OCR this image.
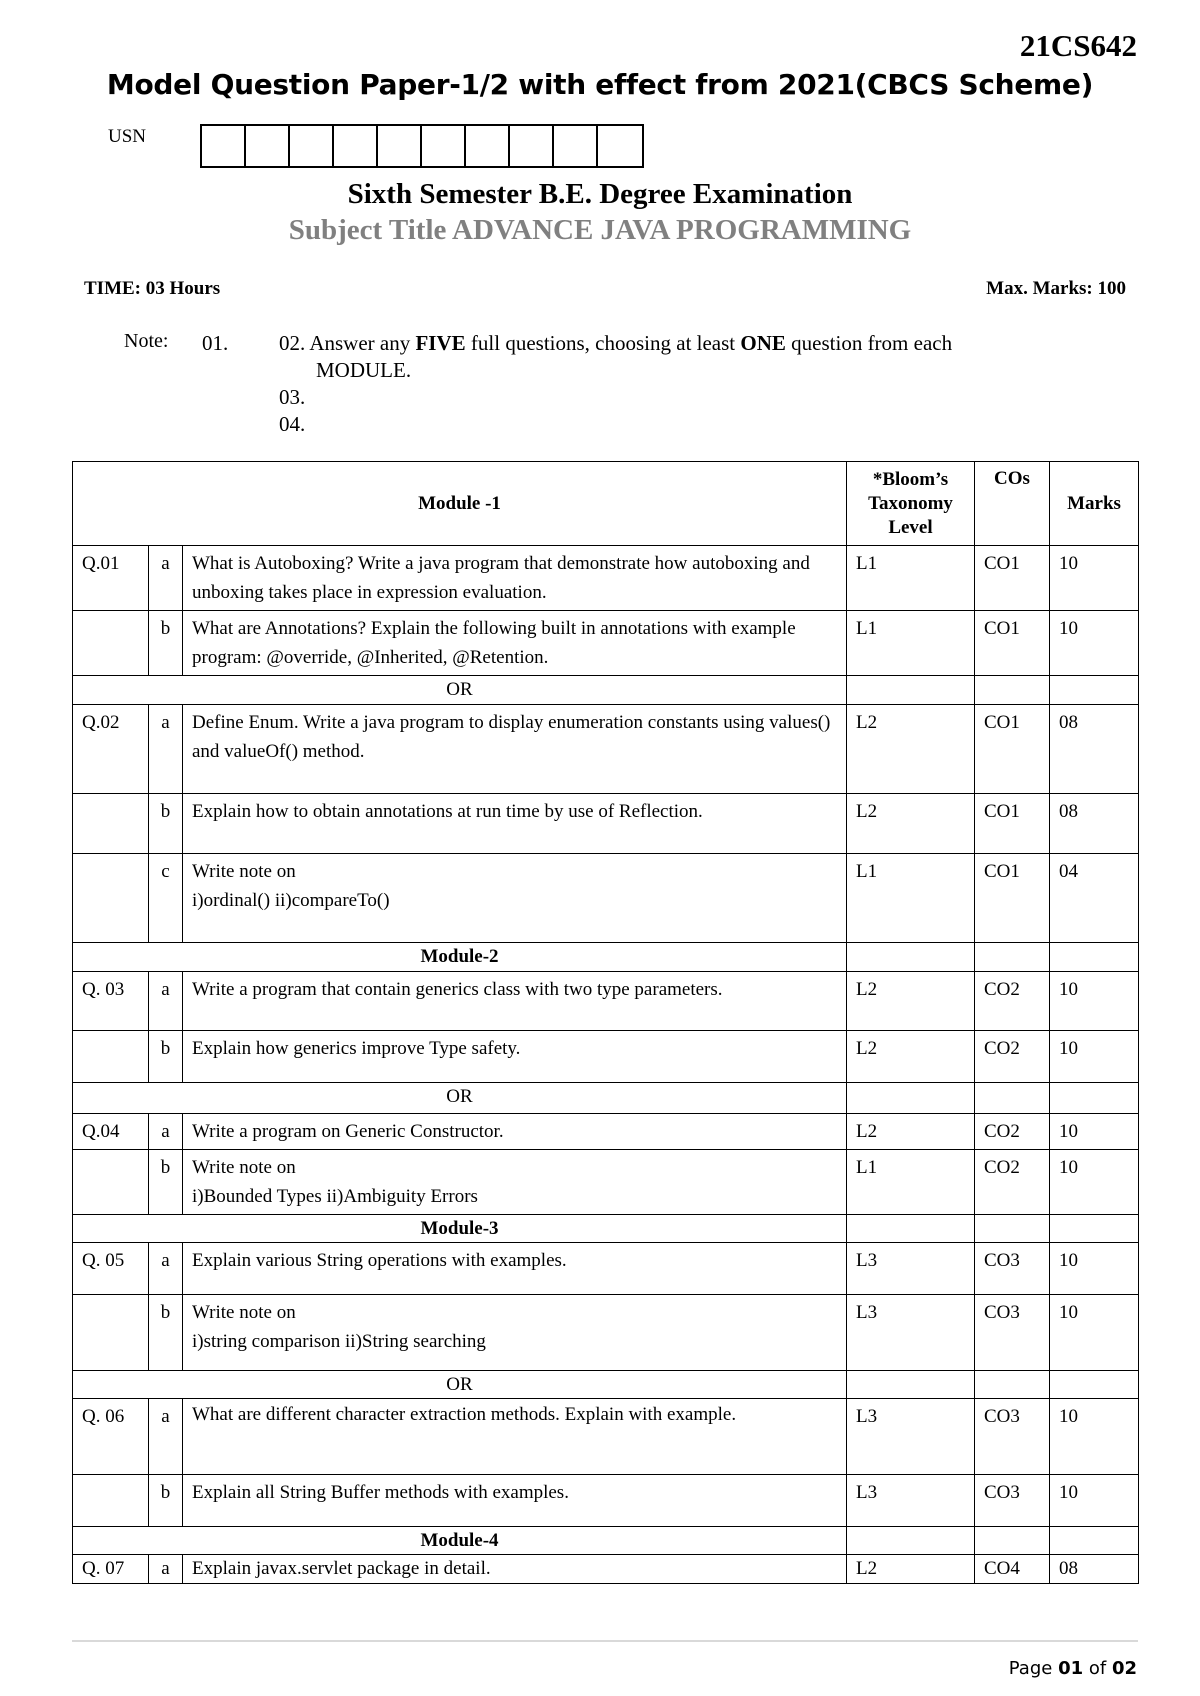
21CS642
Model Question Paper-1/2 with effect from 2021(CBCS Scheme)
USN
Sixth Semester B.E. Degree Examination
Subject Title ADVANCE JAVA PROGRAMMING
TIME: 03 Hours	Max. Marks: 100
Note: 01. 02. Answer any FIVE full questions, choosing at least ONE question from each
MODULE.
03.
04.
Module -1			*Bloom’s Taxonomy Level	COs	Marks
Q.01	a	What is Autoboxing? Write a java program that demonstrate how autoboxing and unboxing takes place in expression evaluation.	L1	CO1	10
	b	What are Annotations? Explain the following built in annotations with example program: @override, @Inherited, @Retention.	L1	CO1	10
OR					
Q.02	a	Define Enum. Write a java program to display enumeration constants using values() and valueOf() method.	L2	CO1	08
	b	Explain how to obtain annotations at run time by use of Reflection.	L2	CO1	08
	c	Write note on
i)ordinal() ii)compareTo()	L1	CO1	04
Module-2					
Q. 03	a	Write a program that contain generics class with two type parameters.	L2	CO2	10
	b	Explain how generics improve Type safety.	L2	CO2	10
OR					
Q.04	a	Write a program on Generic Constructor.	L2	CO2	10
	b	Write note on
i)Bounded Types ii)Ambiguity Errors	L1	CO2	10
Module-3					
Q. 05	a	Explain various String operations with examples.	L3	CO3	10
	b	Write note on
i)string comparison ii)String searching	L3	CO3	10
OR					
Q. 06	a	What are different character extraction methods. Explain with example.	L3	CO3	10
	b	Explain all String Buffer methods with examples.	L3	CO3	10
Module-4					
Q. 07	a	Explain javax.servlet package in detail.	L2	CO4	08
Page 01 of 02
